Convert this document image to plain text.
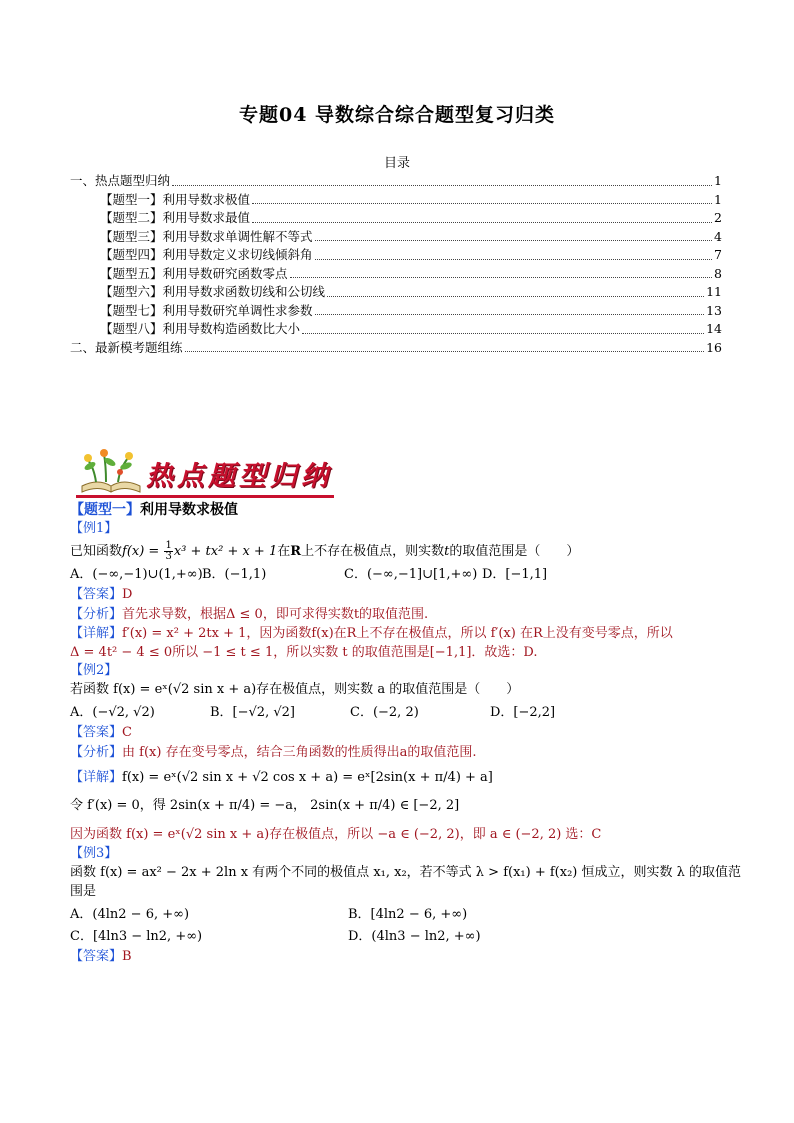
专题04 导数综合综合题型复习归类
目录
一、热点题型归纳	1
【题型一】利用导数求极值	1
【题型二】利用导数求最值	2
【题型三】利用导数求单调性解不等式	4
【题型四】利用导数定义求切线倾斜角	7
【题型五】利用导数研究函数零点	8
【题型六】利用导数求函数切线和公切线	11
【题型七】利用导数研究单调性求参数	13
【题型八】利用导数构造函数比大小	14
二、最新模考题组练	16
热点题型归纳
【题型一】利用导数求极值
【例1】
已知函数$f(x) = \frac{1}{3} x^3 + tx^2 + x + 1$在R上不存在极值点，则实数t的取值范围是（　　）
A．(−∞,−1)∪(1,+∞) B．(−1,1)	C．(−∞,−1]∪[1,+∞) D．[−1,1]
【答案】D
【分析】首先求导数，根据Δ ≤ 0，即可求得实数t的取值范围.
【详解】f′(x) = x² + 2tx + 1，因为函数f(x)在R上不存在极值点，所以 f′(x) 在R上没有变号零点，所以
Δ = 4t² − 4 ≤ 0所以 −1 ≤ t ≤ 1，所以实数 t 的取值范围是[−1,1]．故选：D.
【例2】
若函数 f(x) = eˣ(√2 sin x + a)存在极值点，则实数 a 的取值范围是（　　）
A．(−√2, √2)	B．[−√2, √2]	C．(−2, 2)	D．[−2,2]
【答案】C
【分析】由 f(x) 存在变号零点，结合三角函数的性质得出a的取值范围.
【详解】f(x) = eˣ(√2 sin x + √2 cos x + a) = eˣ[2sin(x + π/4) + a]
令 f′(x) = 0，得 2sin(x + π/4) = −a， 2sin(x + π/4) ∈ [−2, 2]
因为函数 f(x) = eˣ(√2 sin x + a)存在极值点，所以 −a ∈ (−2, 2)，即 a ∈ (−2, 2) 选：C
【例3】
函数 f(x) = ax² − 2x + 2ln x 有两个不同的极值点 x₁, x₂，若不等式 λ > f(x₁) + f(x₂) 恒成立，则实数 λ 的取值范
围是
A．(4ln2 − 6, +∞)	B．[4ln2 − 6, +∞)
C．[4ln3 − ln2, +∞)	D．(4ln3 − ln2, +∞)
【答案】B
